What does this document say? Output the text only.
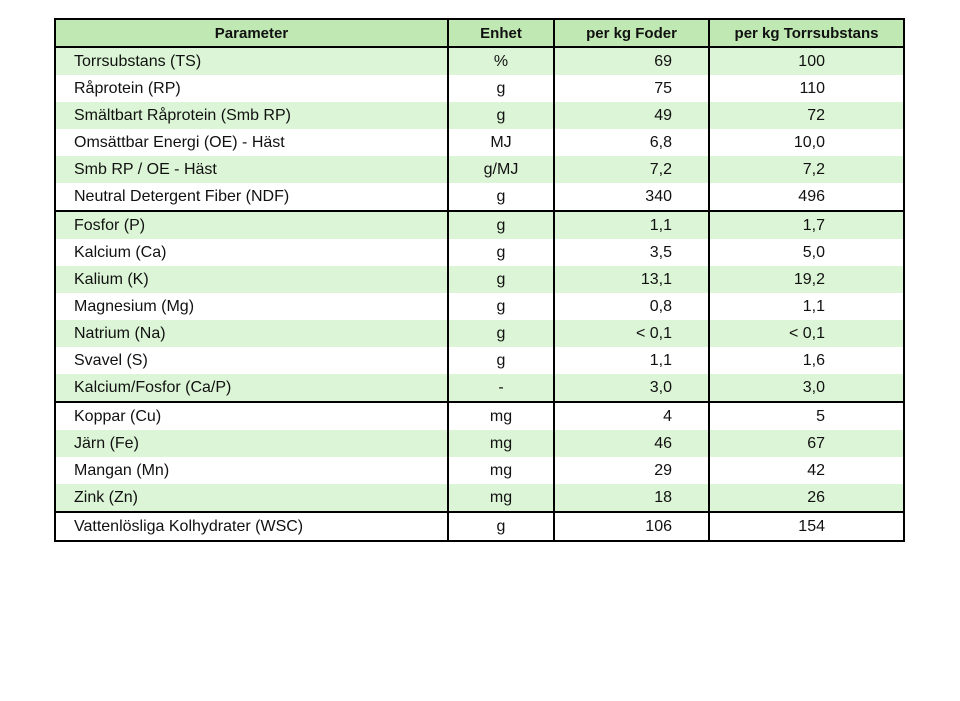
Parameter	Enhet	per kg Foder	per kg Torrsubstans
Torrsubstans (TS)	%	69	100
Råprotein (RP)	g	75	110
Smältbart Råprotein (Smb RP)	g	49	72
Omsättbar Energi (OE) - Häst	MJ	6,8	10,0
Smb RP / OE - Häst	g/MJ	7,2	7,2
Neutral Detergent Fiber (NDF)	g	340	496
Fosfor (P)	g	1,1	1,7
Kalcium (Ca)	g	3,5	5,0
Kalium (K)	g	13,1	19,2
Magnesium (Mg)	g	0,8	1,1
Natrium (Na)	g	< 0,1	< 0,1
Svavel (S)	g	1,1	1,6
Kalcium/Fosfor (Ca/P)	-	3,0	3,0
Koppar (Cu)	mg	4	5
Järn (Fe)	mg	46	67
Mangan (Mn)	mg	29	42
Zink (Zn)	mg	18	26
Vattenlösliga Kolhydrater (WSC)	g	106	154
